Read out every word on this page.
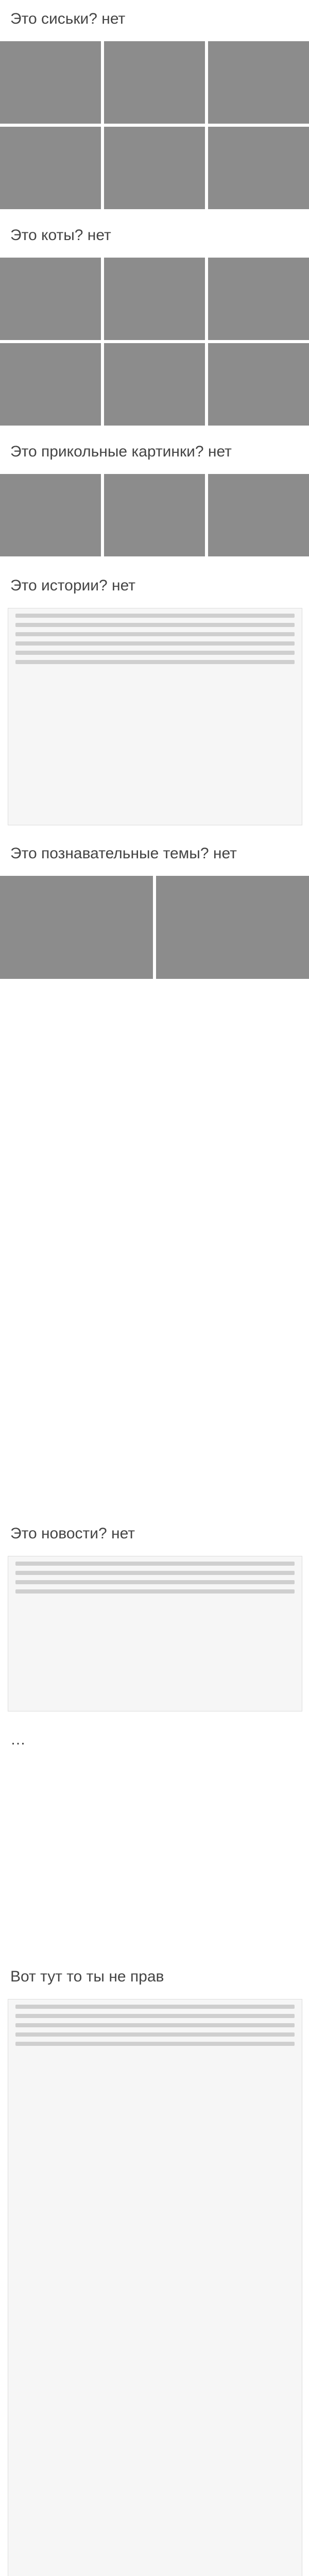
Это сиськи? нет
Это коты? нет
Это прикольные картинки? нет
Это истории? нет
Это познавательные темы? нет
Это новости? нет
…
Вот тут то ты не прав
